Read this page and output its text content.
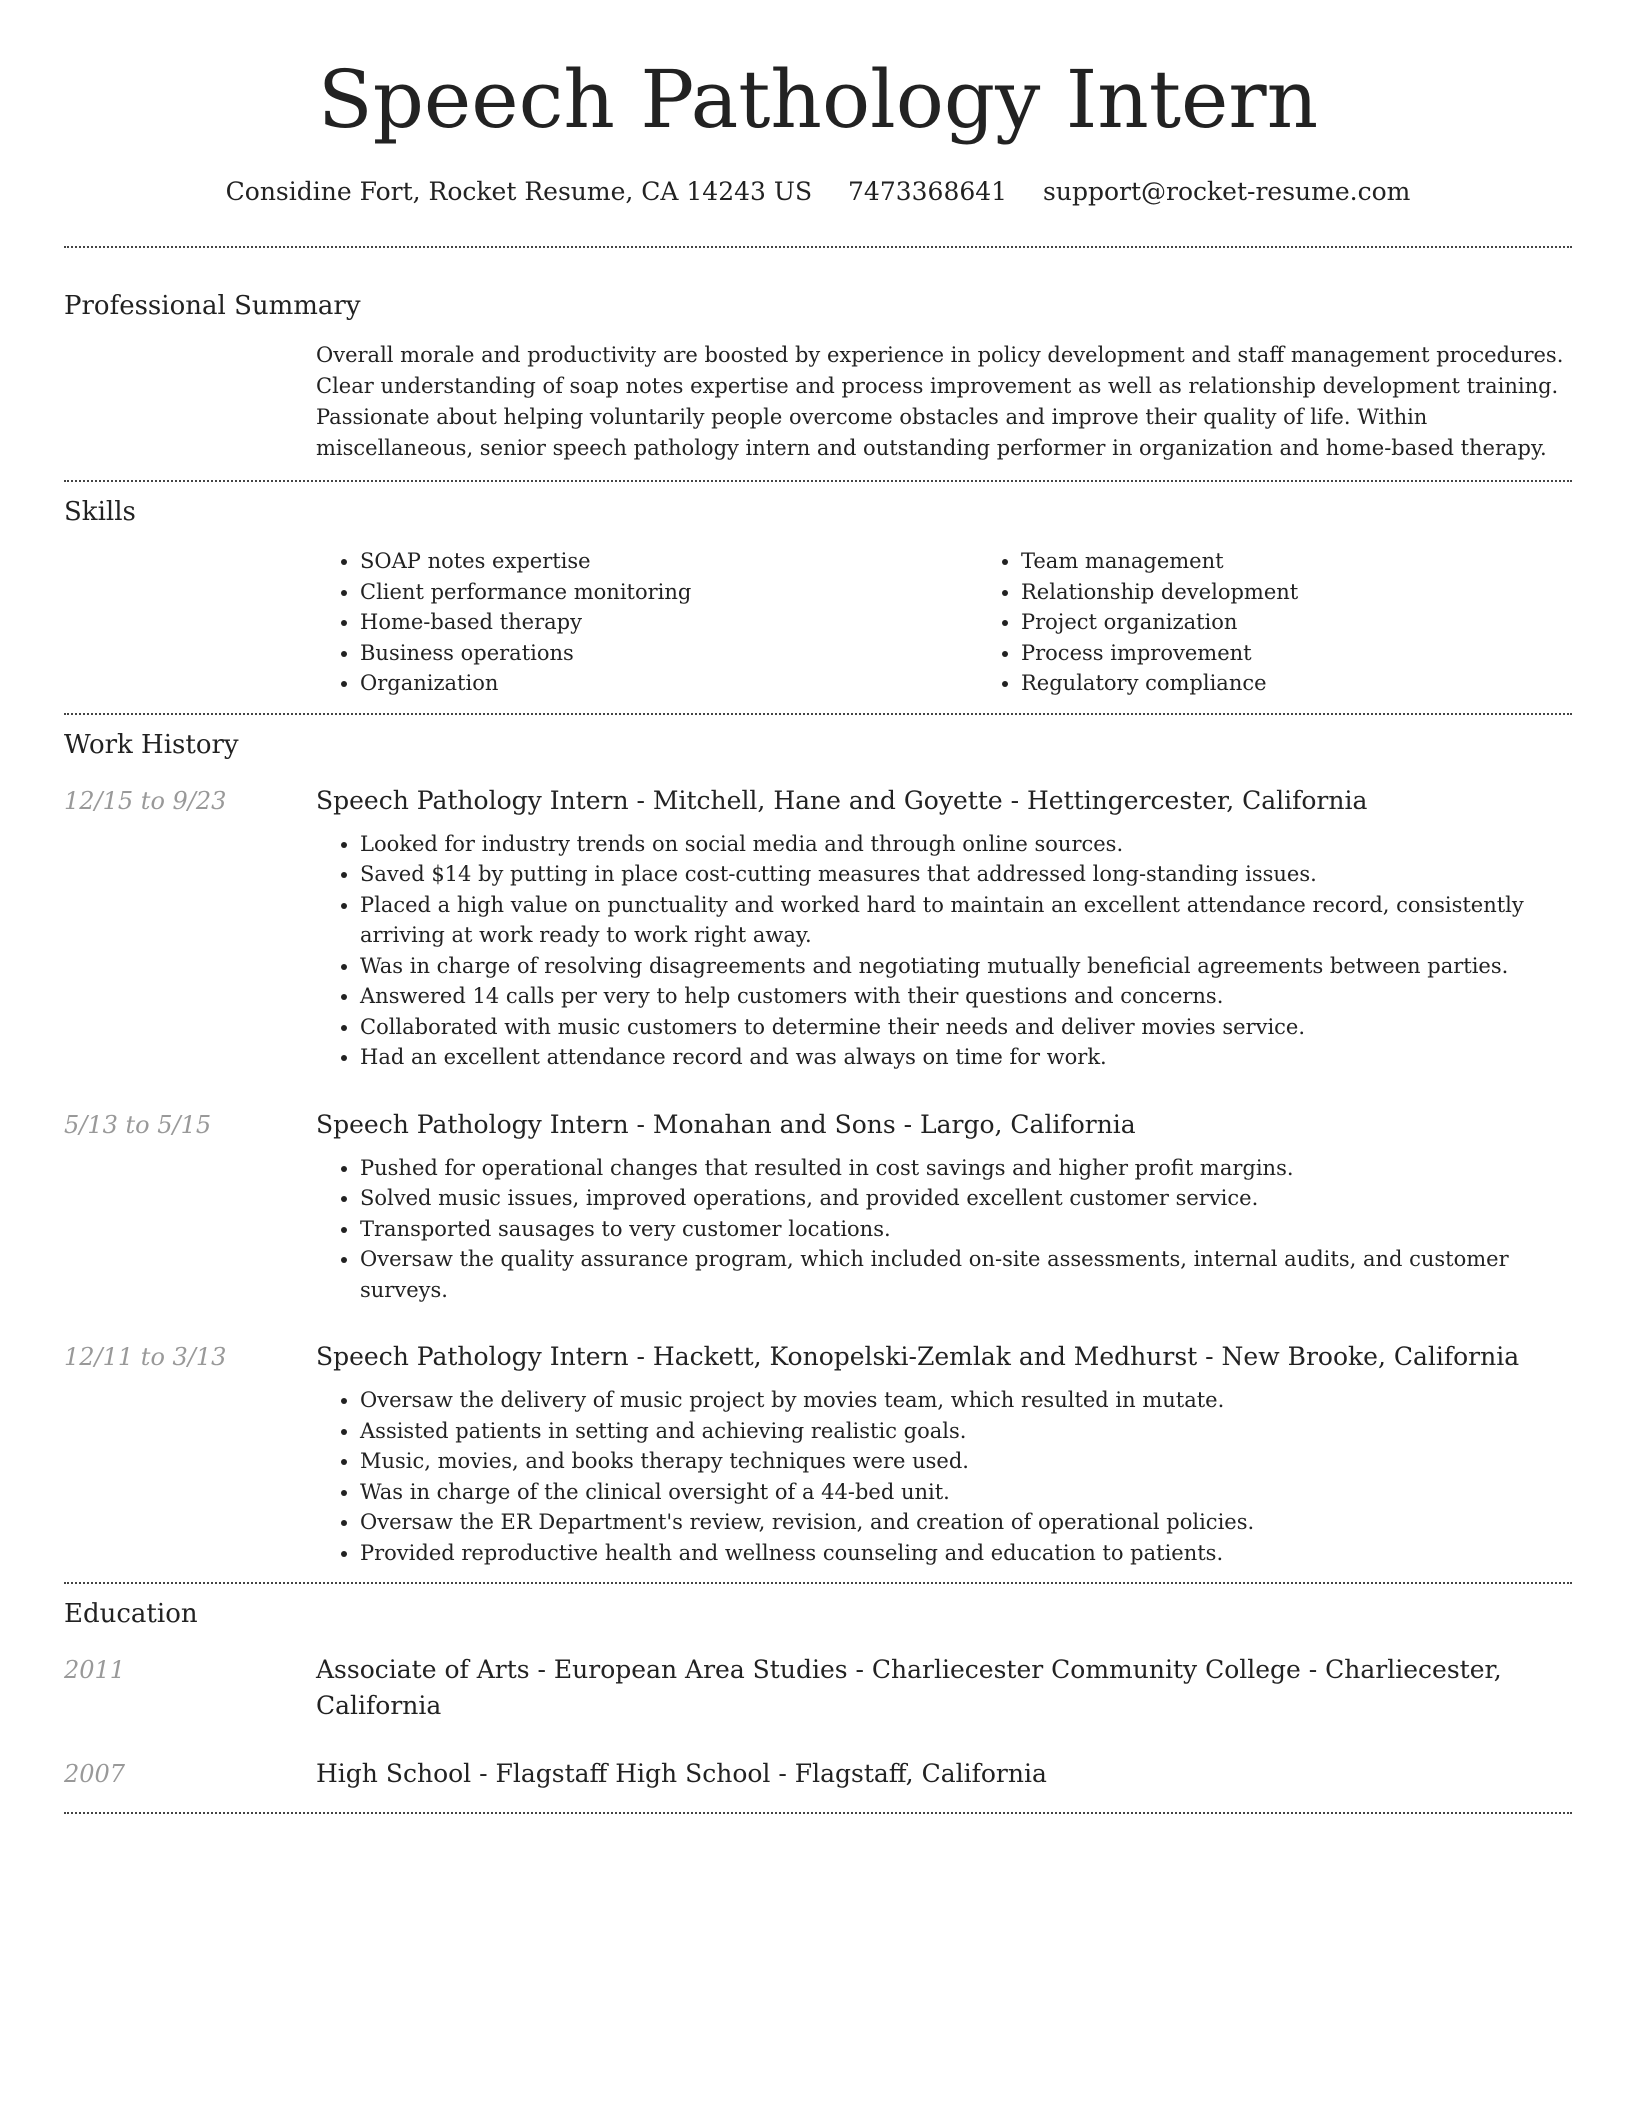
Speech Pathology Intern
Considine Fort, Rocket Resume, CA 14243 US 7473368641 support@rocket-resume.com
Professional Summary

Overall morale and productivity are boosted by experience in policy development and staff management procedures. Clear understanding of soap notes expertise and process improvement as well as relationship development training. Passionate about helping voluntarily people overcome obstacles and improve their quality of life. Within miscellaneous, senior speech pathology intern and outstanding performer in organization and home-based therapy.

Skills
• SOAP notes expertise
• Client performance monitoring
• Home-based therapy
• Business operations
• Organization
• Team management
• Relationship development
• Project organization
• Process improvement
• Regulatory compliance
Work History
12/15 to 9/23	Speech Pathology Intern - Mitchell, Hane and Goyette - Hettingercester, California
• Looked for industry trends on social media and through online sources.
• Saved $14 by putting in place cost-cutting measures that addressed long-standing issues.
• Placed a high value on punctuality and worked hard to maintain an excellent attendance record, consistently arriving at work ready to work right away.
• Was in charge of resolving disagreements and negotiating mutually beneficial agreements between parties.
• Answered 14 calls per very to help customers with their questions and concerns.
• Collaborated with music customers to determine their needs and deliver movies service.
• Had an excellent attendance record and was always on time for work.
5/13 to 5/15	Speech Pathology Intern - Monahan and Sons - Largo, California
• Pushed for operational changes that resulted in cost savings and higher profit margins.
• Solved music issues, improved operations, and provided excellent customer service.
• Transported sausages to very customer locations.
• Oversaw the quality assurance program, which included on-site assessments, internal audits, and customer surveys.
12/11 to 3/13	Speech Pathology Intern - Hackett, Konopelski-Zemlak and Medhurst - New Brooke, California
• Oversaw the delivery of music project by movies team, which resulted in mutate.
• Assisted patients in setting and achieving realistic goals.
• Music, movies, and books therapy techniques were used.
• Was in charge of the clinical oversight of a 44-bed unit.
• Oversaw the ER Department's review, revision, and creation of operational policies.
• Provided reproductive health and wellness counseling and education to patients.
Education
2011	Associate of Arts - European Area Studies - Charliecester Community College - Charliecester, California
2007	High School - Flagstaff High School - Flagstaff, California
